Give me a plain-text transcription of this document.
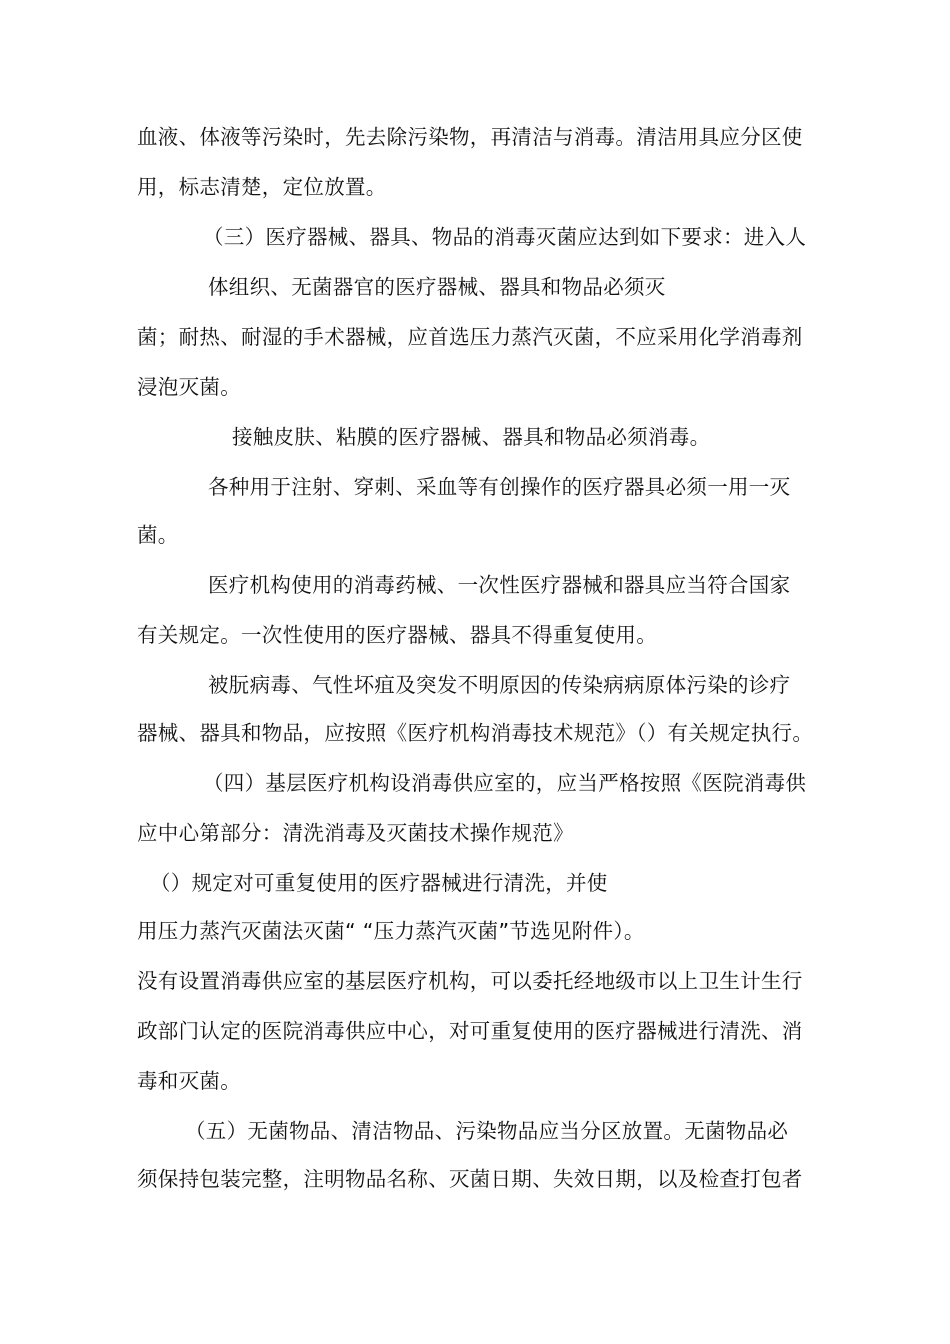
血液、体液等污染时，先去除污染物，再清洁与消毒。清洁用具应分区使
用，标志清楚，定位放置。
（三）医疗器械、器具、物品的消毒灭菌应达到如下要求：进入人
体组织、无菌器官的医疗器械、器具和物品必须灭
菌；耐热、耐湿的手术器械，应首选压力蒸汽灭菌，不应采用化学消毒剂
浸泡灭菌。
接触皮肤、粘膜的医疗器械、器具和物品必须消毒。
各种用于注射、穿刺、采血等有创操作的医疗器具必须一用一灭
菌。
医疗机构使用的消毒药械、一次性医疗器械和器具应当符合国家
有关规定。一次性使用的医疗器械、器具不得重复使用。
被朊病毒、气性坏疽及突发不明原因的传染病病原体污染的诊疗
器械、器具和物品，应按照《医疗机构消毒技术规范》（）有关规定执行。
（四）基层医疗机构设消毒供应室的，应当严格按照《医院消毒供
应中心第部分：清洗消毒及灭菌技术操作规范》
（）规定对可重复使用的医疗器械进行清洗，并使
用压力蒸汽灭菌法灭菌“ “压力蒸汽灭菌”节选见附件）。
没有设置消毒供应室的基层医疗机构，可以委托经地级市以上卫生计生行
政部门认定的医院消毒供应中心，对可重复使用的医疗器械进行清洗、消
毒和灭菌。
（五）无菌物品、清洁物品、污染物品应当分区放置。无菌物品必
须保持包装完整，注明物品名称、灭菌日期、失效日期，以及检查打包者
